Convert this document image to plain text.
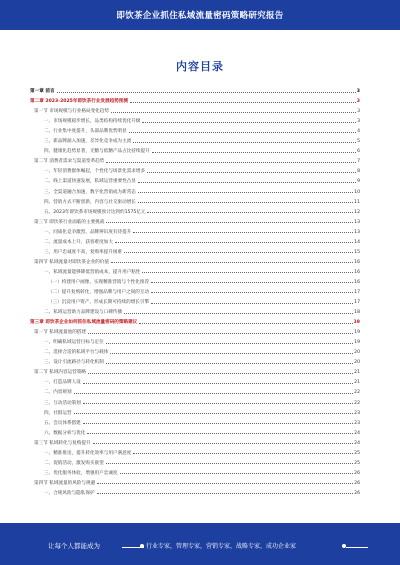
即饮茶企业抓住私域流量密码策略研究报告
内容目录
第一章 前言	3
第二章 2023-2025年即饮茶行业发展趋势预测	3
第一节 市场规模与行业格局变化趋势	3
一、市场规模稳步增长，品类结构持续优化升级	3
二、行业集中度提升，头部品牌优势明显	4
三、新品牌涌入加速，差异化竞争成为主流	5
四、健康化趋势显著，无糖与低糖产品占比持续提升	6
第二节 消费者需求与渠道变革趋势	7
一、年轻消费群体崛起，个性化与场景化需求增多	8
二、线上渠道快速发展，私域运营重要性凸显	9
三、全渠道融合加速，数字化营销成为新常态	10
四、营销方式不断创新，内容与社交驱动增长	11
五、2023年即饮茶市场规模预计达到约1575亿元	12
第三节 即饮茶行业面临的主要挑战	13
一、同质化竞争激烈，品牌辨识度有待提升	13
二、流量成本上升，获客难度加大	14
三、用户忠诚度不高，复购率提升困难	15
第四节 私域流量对即饮茶企业的价值	16
一、私域流量能够降低营销成本，提升用户粘性	16
（一）构建用户画像，实现精准营销与个性化推荐	16
（二）提升复购转化，增强品牌与用户之间的互动	17
（三）沉淀用户资产，形成长期可持续的增长引擎	17
二、私域运营助力品牌建设与口碑传播	18
第三章 即饮茶企业如何抓住私域流量密码的策略建议	19
第一节 私域流量池的搭建	19
一、明确私域运营目标与定位	19
二、选择合适的私域平台与载体	20
三、设计引流路径与转化机制	20
第二节 私域内容运营策略	21
一、打造品牌人设	21
二、内容规划	22
三、互动活动策划	22
四、社群运营	23
五、会员体系搭建	23
六、数据分析与优化	24
第三节 私域转化与复购提升	24
一、精准推送，提升转化效率与用户满意度	25
二、促销活动，激发购买欲望	25
三、优化服务体验，增强用户忠诚度	26
第四节 私域流量的风险与规避	26
一、合规风险与隐私保护	26
让每个人都能成为	行业专家，管理专家，营销专家，战略专家，成功企业家
